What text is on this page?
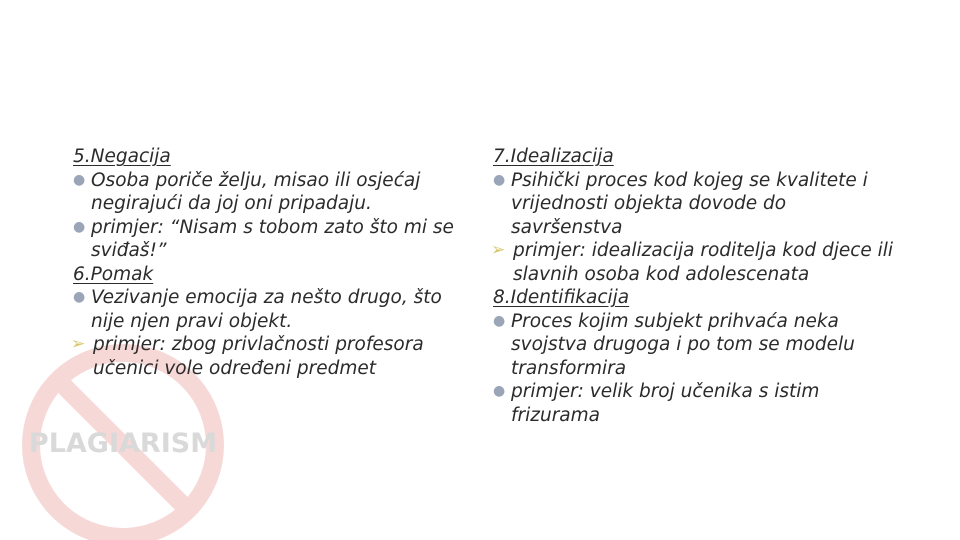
PLAGIARISM

5.Negacija

● Osoba poriče želju, misao ili osjećaj negirajući da joj oni pripadaju.

● primjer: “Nisam s tobom zato što mi se sviđaš!”

6.Pomak

● Vezivanje emocija za nešto drugo, što nije njen pravi objekt.

➢ primjer: zbog privlačnosti profesora učenici vole određeni predmet

7.Idealizacija

● Psihički proces kod kojeg se kvalitete i vrijednosti objekta dovode do savršenstva

➢ primjer: idealizacija roditelja kod djece ili slavnih osoba kod adolescenata

8.Identifikacija

● Proces kojim subjekt prihvaća neka svojstva drugoga i po tom se modelu transformira

● primjer: velik broj učenika s istim frizurama
